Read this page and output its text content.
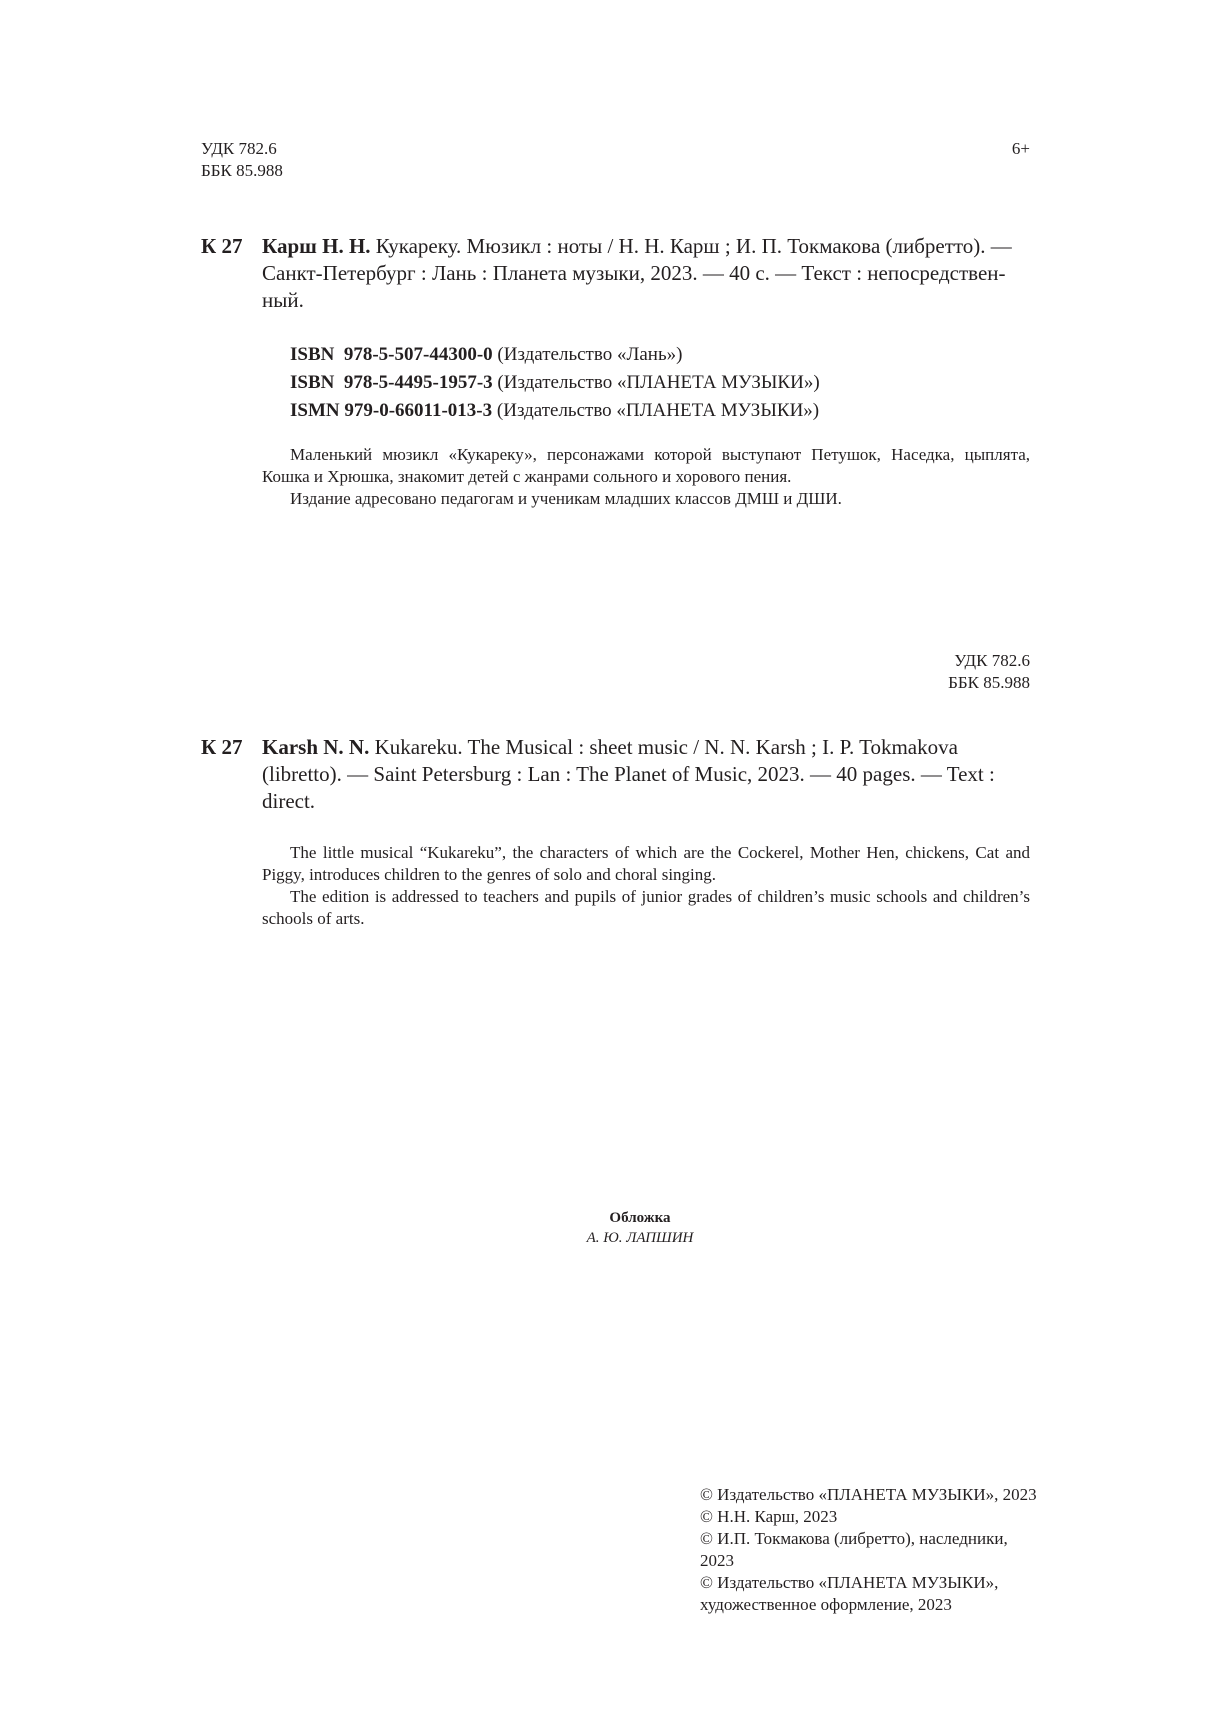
УДК 782.6
ББК 85.988
6+
К 27 Карш Н. Н. Кукареку. Мюзикл : ноты / Н. Н. Карш ; И. П. Токмакова (либретто). —
Санкт-Петербург : Лань : Планета музыки, 2023. — 40 с. — Текст : непосредствен-
ный.
ISBN 978-5-507-44300-0 (Издательство «Лань»)
ISBN 978-5-4495-1957-3 (Издательство «ПЛАНЕТА МУЗЫКИ»)
ISMN 979-0-66011-013-3 (Издательство «ПЛАНЕТА МУЗЫКИ»)

Маленький мюзикл «Кукареку», персонажами которой выступают Петушок, Наседка, цыплята, Кошка и Хрюшка, знакомит детей с жанрами сольного и хорового пения.

Издание адресовано педагогам и ученикам младших классов ДМШ и ДШИ.

УДК 782.6
ББК 85.988
К 27 Karsh N. N. Kukareku. The Musical : sheet music / N. N. Karsh ; I. P. Tokmakova
(libretto). — Saint Petersburg : Lan : The Planet of Music, 2023. — 40 pages. — Text :
direct.

The little musical “Kukareku”, the characters of which are the Cockerel, Mother Hen, chickens, Cat and Piggy, introduces children to the genres of solo and choral singing.

The edition is addressed to teachers and pupils of junior grades of children’s music schools and children’s schools of arts.

Обложка
А. Ю. ЛАПШИН
© Издательство «ПЛАНЕТА МУЗЫКИ», 2023
© Н.Н. Карш, 2023
© И.П. Токмакова (либретто), наследники, 2023
© Издательство «ПЛАНЕТА МУЗЫКИ»,
художественное оформление, 2023
